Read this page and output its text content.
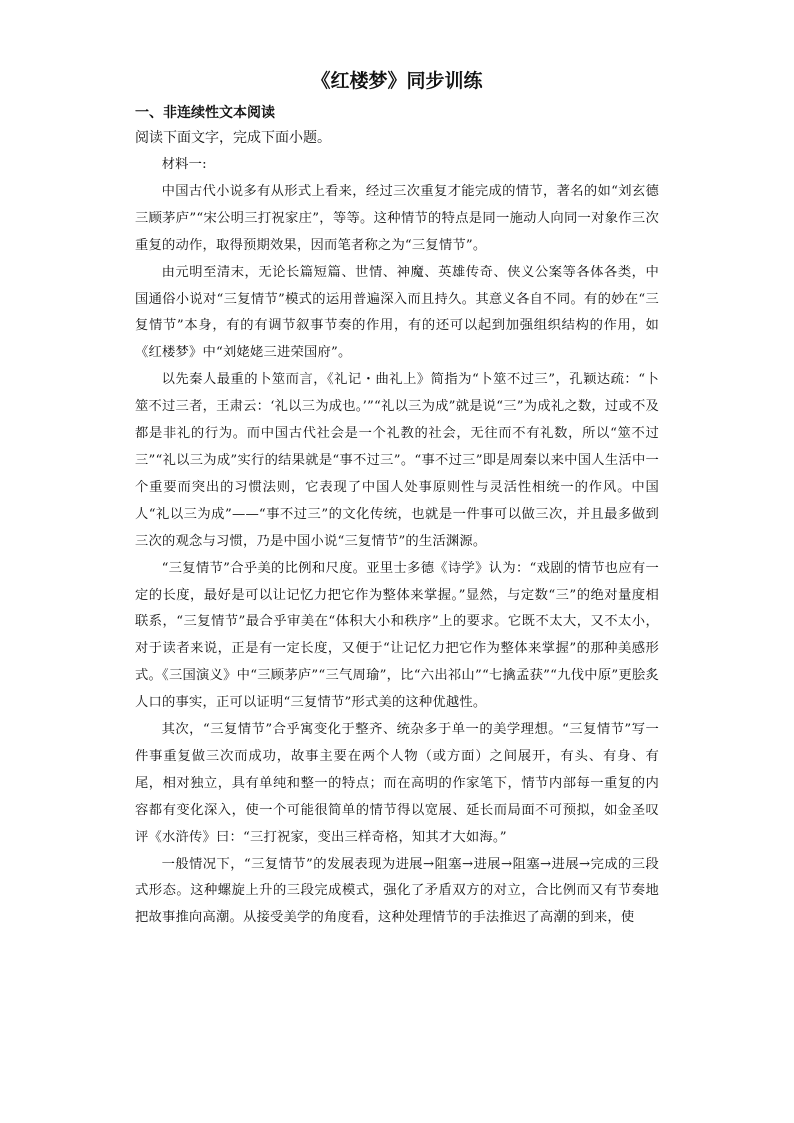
《红楼梦》同步训练
一、非连续性文本阅读

阅读下面文字，完成下面小题。

材料一:

中国古代小说多有从形式上看来，经过三次重复才能完成的情节，著名的如“刘玄德三顾茅庐”“宋公明三打祝家庄”，等等。这种情节的特点是同一施动人向同一对象作三次重复的动作，取得预期效果，因而笔者称之为“三复情节”。

由元明至清末，无论长篇短篇、世情、神魔、英雄传奇、侠义公案等各体各类，中国通俗小说对“三复情节”模式的运用普遍深入而且持久。其意义各自不同。有的妙在“三复情节”本身，有的有调节叙事节奏的作用，有的还可以起到加强组织结构的作用，如《红楼梦》中“刘姥姥三进荣国府”。

以先秦人最重的卜筮而言，《礼记・曲礼上》简指为“卜筮不过三”，孔颖达疏：“卜筮不过三者，王肃云：‘礼以三为成也。’”“礼以三为成”就是说“三”为成礼之数，过或不及都是非礼的行为。而中国古代社会是一个礼教的社会，无往而不有礼数，所以“筮不过三”“礼以三为成”实行的结果就是“事不过三”。“事不过三”即是周秦以来中国人生活中一个重要而突出的习惯法则，它表现了中国人处事原则性与灵活性相统一的作风。中国人“礼以三为成”——“事不过三”的文化传统，也就是一件事可以做三次，并且最多做到三次的观念与习惯，乃是中国小说“三复情节”的生活渊源。

“三复情节”合乎美的比例和尺度。亚里士多德《诗学》认为：“戏剧的情节也应有一定的长度，最好是可以让记忆力把它作为整体来掌握。”显然，与定数“三”的绝对量度相联系，“三复情节”最合乎审美在“体积大小和秩序”上的要求。它既不太大，又不太小，对于读者来说，正是有一定长度，又便于“让记忆力把它作为整体来掌握”的那种美感形式。《三国演义》中“三顾茅庐”“三气周瑜”，比“六出祁山”“七擒孟获”“九伐中原”更脍炙人口的事实，正可以证明“三复情节”形式美的这种优越性。

其次，“三复情节”合乎寓变化于整齐、统杂多于单一的美学理想。“三复情节”写一件事重复做三次而成功，故事主要在两个人物（或方面）之间展开，有头、有身、有尾，相对独立，具有单纯和整一的特点；而在高明的作家笔下，情节内部每一重复的内容都有变化深入，使一个可能很简单的情节得以宽展、延长而局面不可预拟，如金圣叹评《水浒传》曰：“三打祝家，变出三样奇格，知其才大如海。”

一般情况下，“三复情节”的发展表现为进展→阻塞→进展→阻塞→进展→完成的三段式形态。这种螺旋上升的三段完成模式，强化了矛盾双方的对立，合比例而又有节奏地把故事推向高潮。从接受美学的角度看，这种处理情节的手法推迟了高潮的到来，使
